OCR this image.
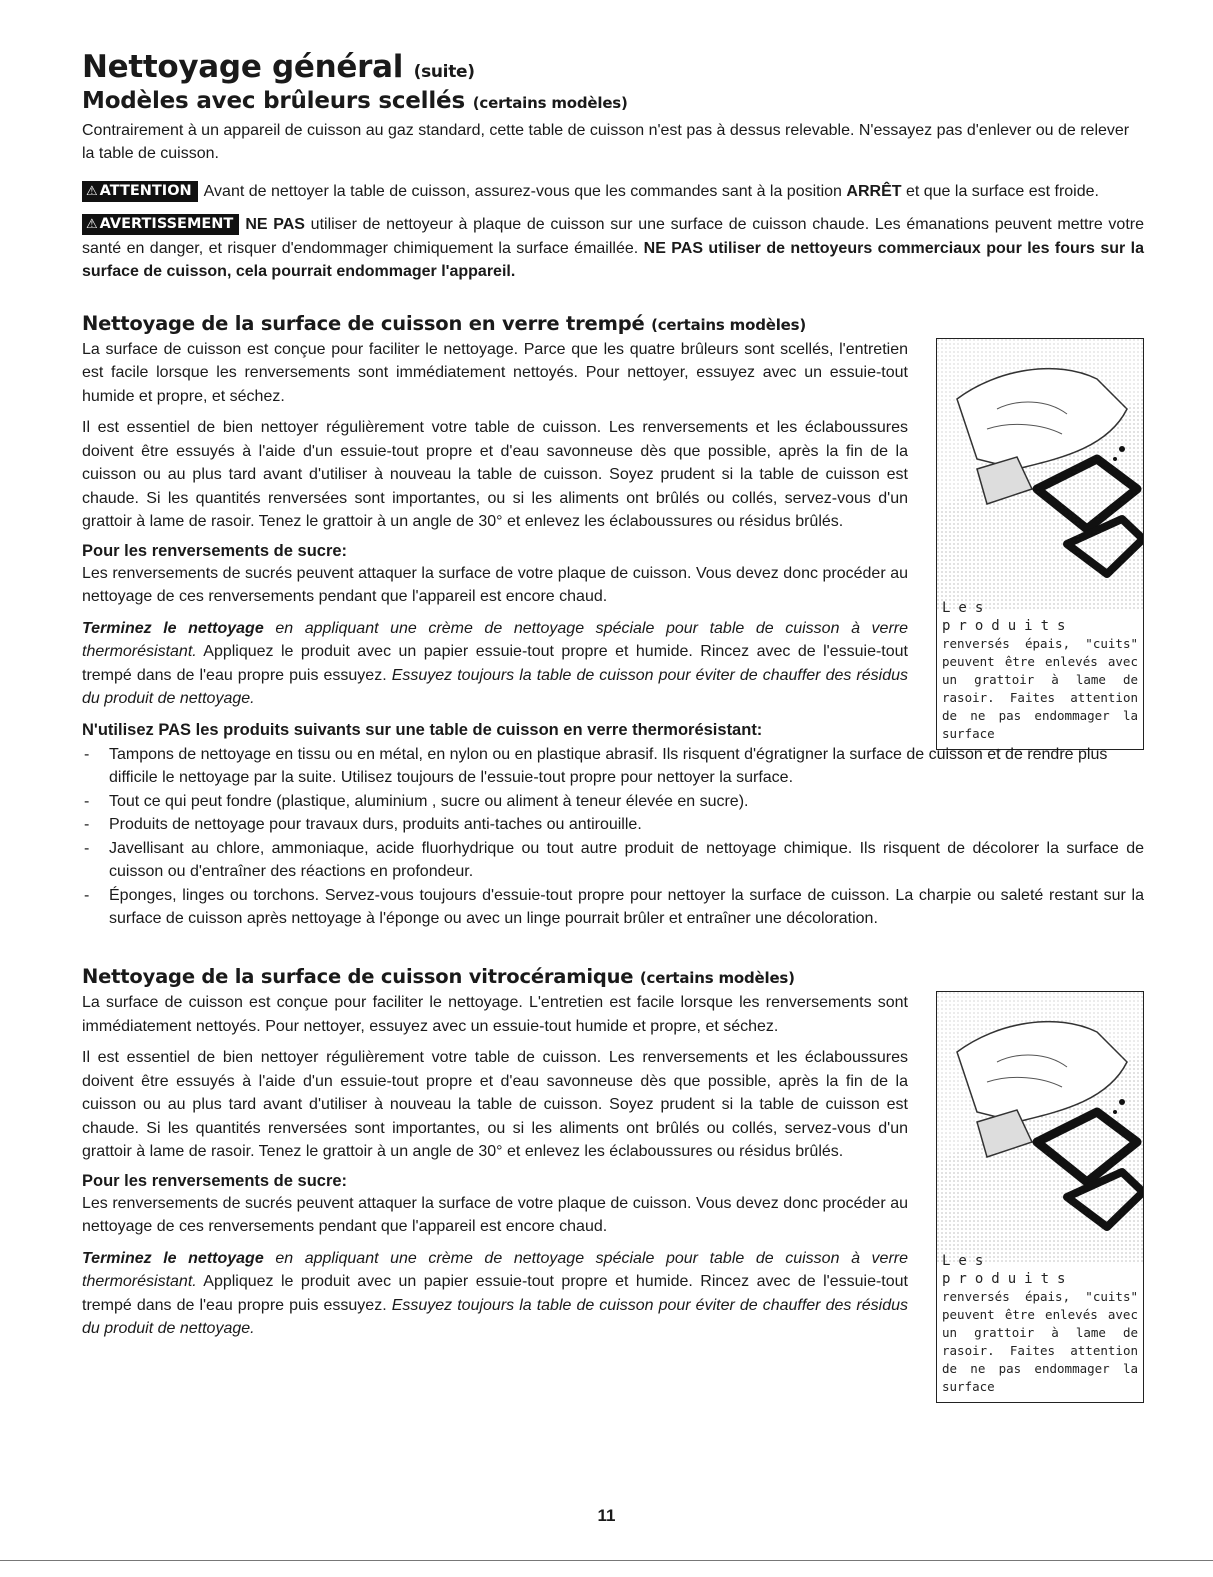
Nettoyage général (suite)
Modèles avec brûleurs scellés (certains modèles)

Contrairement à un appareil de cuisson au gaz standard, cette table de cuisson n'est pas à dessus relevable. N'essayez pas d'enlever ou de relever la table de cuisson.

⚠ ATTENTION Avant de nettoyer la table de cuisson, assurez-vous que les commandes sant à la position ARRÊT et que la surface est froide.

⚠ AVERTISSEMENT NE PAS utiliser de nettoyeur à plaque de cuisson sur une surface de cuisson chaude. Les émanations peuvent mettre votre santé en danger, et risquer d'endommager chimiquement la surface émaillée. NE PAS utiliser de nettoyeurs commerciaux pour les fours sur la surface de cuisson, cela pourrait endommager l'appareil.

Nettoyage de la surface de cuisson en verre trempé (certains modèles)

La surface de cuisson est conçue pour faciliter le nettoyage. Parce que les quatre brûleurs sont scellés, l'entretien est facile lorsque les renversements sont immédiatement nettoyés. Pour nettoyer, essuyez avec un essuie-tout humide et propre, et séchez.

Il est essentiel de bien nettoyer régulièrement votre table de cuisson. Les renversements et les éclaboussures doivent être essuyés à l'aide d'un essuie-tout propre et d'eau savonneuse dès que possible, après la fin de la cuisson ou au plus tard avant d'utiliser à nouveau la table de cuisson. Soyez prudent si la table de cuisson est chaude. Si les quantités renversées sont importantes, ou si les aliments ont brûlés ou collés, servez-vous d'un grattoir à lame de rasoir. Tenez le grattoir à un angle de 30° et enlevez les éclaboussures ou résidus brûlés.

Pour les renversements de sucre:

Les renversements de sucrés peuvent attaquer la surface de votre plaque de cuisson. Vous devez donc procéder au nettoyage de ces renversements pendant que l'appareil est encore chaud.

Terminez le nettoyage en appliquant une crème de nettoyage spéciale pour table de cuisson à verre thermorésistant. Appliquez le produit avec un papier essuie-tout propre et humide. Rincez avec de l'essuie-tout trempé dans de l'eau propre puis essuyez. Essuyez toujours la table de cuisson pour éviter de chauffer des résidus du produit de nettoyage.

Les
produits
renversés épais, "cuits" peuvent être enlevés avec un grattoir à lame de rasoir. Faites attention de ne pas endommager la surface
N'utilisez PAS les produits suivants sur une table de cuisson en verre thermorésistant:
- Tampons de nettoyage en tissu ou en métal, en nylon ou en plastique abrasif. Ils risquent d'égratigner la surface de cuisson et de rendre plus difficile le nettoyage par la suite. Utilisez toujours de l'essuie-tout propre pour nettoyer la surface.
- Tout ce qui peut fondre (plastique, aluminium , sucre ou aliment à teneur élevée en sucre).
- Produits de nettoyage pour travaux durs, produits anti-taches ou antirouille.
- Javellisant au chlore, ammoniaque, acide fluorhydrique ou tout autre produit de nettoyage chimique. Ils risquent de décolorer la surface de cuisson ou d'entraîner des réactions en profondeur.
- Éponges, linges ou torchons. Servez-vous toujours d'essuie-tout propre pour nettoyer la surface de cuisson. La charpie ou saleté restant sur la surface de cuisson après nettoyage à l'éponge ou avec un linge pourrait brûler et entraîner une décoloration.
Nettoyage de la surface de cuisson vitrocéramique (certains modèles)

La surface de cuisson est conçue pour faciliter le nettoyage. L'entretien est facile lorsque les renversements sont immédiatement nettoyés. Pour nettoyer, essuyez avec un essuie-tout humide et propre, et séchez.

Il est essentiel de bien nettoyer régulièrement votre table de cuisson. Les renversements et les éclaboussures doivent être essuyés à l'aide d'un essuie-tout propre et d'eau savonneuse dès que possible, après la fin de la cuisson ou au plus tard avant d'utiliser à nouveau la table de cuisson. Soyez prudent si la table de cuisson est chaude. Si les quantités renversées sont importantes, ou si les aliments ont brûlés ou collés, servez-vous d'un grattoir à lame de rasoir. Tenez le grattoir à un angle de 30° et enlevez les éclaboussures ou résidus brûlés.

Pour les renversements de sucre:

Les renversements de sucrés peuvent attaquer la surface de votre plaque de cuisson. Vous devez donc procéder au nettoyage de ces renversements pendant que l'appareil est encore chaud.

Terminez le nettoyage en appliquant une crème de nettoyage spéciale pour table de cuisson à verre thermorésistant. Appliquez le produit avec un papier essuie-tout propre et humide. Rincez avec de l'essuie-tout trempé dans de l'eau propre puis essuyez. Essuyez toujours la table de cuisson pour éviter de chauffer des résidus du produit de nettoyage.

Les
produits
renversés épais, "cuits" peuvent être enlevés avec un grattoir à lame de rasoir. Faites attention de ne pas endommager la surface
11
